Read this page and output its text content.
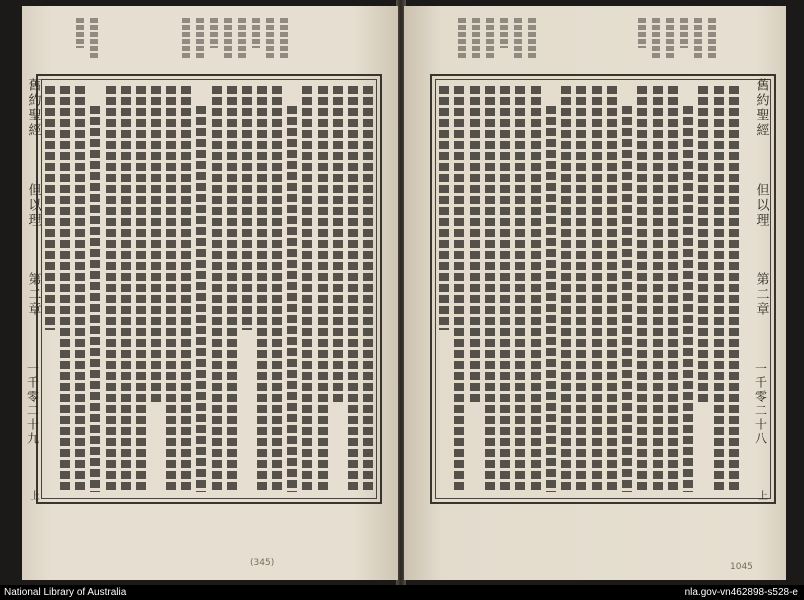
舊約聖經
但以理
第二章
一千零二十九
上
(345)
舊約聖經
但以理
第二章
一千零二十八
上
1045
National Library of Australia	nla.gov-vn462898-s528-e
